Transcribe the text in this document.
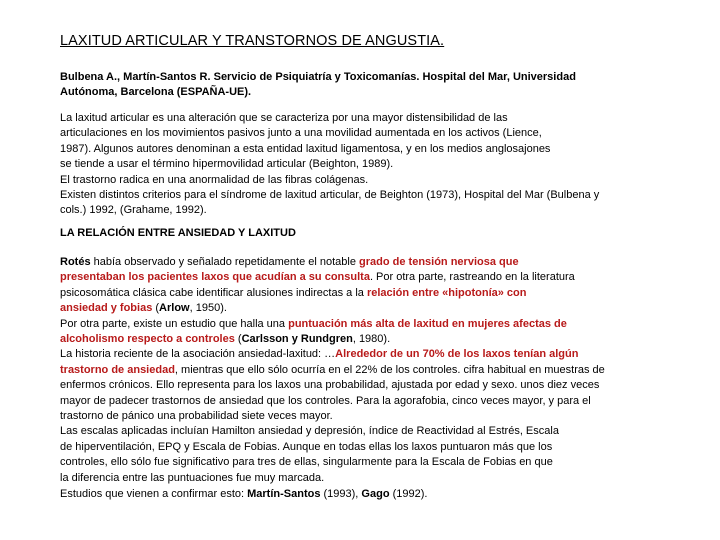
LAXITUD ARTICULAR Y TRANSTORNOS DE ANGUSTIA.
Bulbena A., Martín-Santos R. Servicio de Psiquiatría y Toxicomanías. Hospital del Mar, Universidad
Autónoma, Barcelona (ESPAÑA-UE).
La laxitud articular es una alteración que se caracteriza por una mayor distensibilidad de las
articulaciones en los movimientos pasivos junto a una movilidad aumentada en los activos (Lience,
1987). Algunos autores denominan a esta entidad laxitud ligamentosa, y en los medios anglosajones
se tiende a usar el término hipermovilidad articular (Beighton, 1989).
El trastorno radica en una anormalidad de las fibras colágenas.
Existen distintos criterios para el síndrome de laxitud articular, de Beighton (1973), Hospital del Mar (Bulbena y
cols.) 1992, (Grahame, 1992).
LA RELACIÓN ENTRE ANSIEDAD Y LAXITUD
Rotés había observado y señalado repetidamente el notable grado de tensión nerviosa que
presentaban los pacientes laxos que acudían a su consulta. Por otra parte, rastreando en la literatura
psicosomática clásica cabe identificar alusiones indirectas a la relación entre «hipotonía» con
ansiedad y fobias (Arlow, 1950).
Por otra parte, existe un estudio que halla una puntuación más alta de laxitud en mujeres afectas de
alcoholismo respecto a controles (Carlsson y Rundgren, 1980).
La historia reciente de la asociación ansiedad-laxitud: …Alrededor de un 70% de los laxos tenían algún
trastorno de ansiedad, mientras que ello sólo ocurría en el 22% de los controles. cifra habitual en muestras de
enfermos crónicos. Ello representa para los laxos una probabilidad, ajustada por edad y sexo. unos diez veces
mayor de padecer trastornos de ansiedad que los controles. Para la agorafobia, cinco veces mayor, y para el
trastorno de pánico una probabilidad siete veces mayor.
Las escalas aplicadas incluían Hamilton ansiedad y depresión, índice de Reactividad al Estrés, Escala
de hiperventilación, EPQ y Escala de Fobias. Aunque en todas ellas los laxos puntuaron más que los
controles, ello sólo fue significativo para tres de ellas, singularmente para la Escala de Fobias en que
la diferencia entre las puntuaciones fue muy marcada.
Estudios que vienen a confirmar esto: Martín-Santos (1993), Gago (1992).
